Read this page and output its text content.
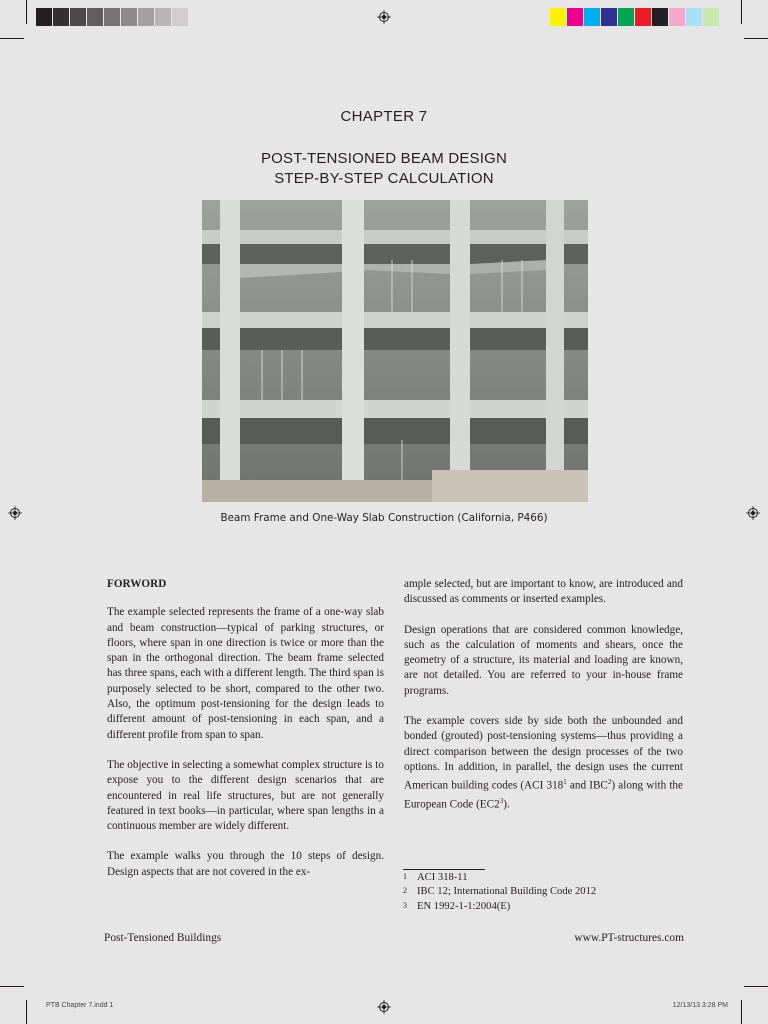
CHAPTER 7
POST-TENSIONED BEAM DESIGN
STEP-BY-STEP CALCULATION
Beam Frame and One-Way Slab Construction (California, P466)
FORWORD

The example selected represents the frame of a one-way slab and beam construction—typical of parking structures, or floors, where span in one direction is twice or more than the span in the orthogonal direction. The beam frame selected has three spans, each with a different length. The third span is purposely selected to be short, compared to the other two. Also, the optimum post-tensioning for the design leads to different amount of post-tensioning in each span, and a different profile from span to span.

The objective in selecting a somewhat complex structure is to expose you to the different design scenarios that are encountered in real life structures, but are not generally featured in text books—in particular, where span lengths in a continuous member are widely different.

The example walks you through the 10 steps of design. Design aspects that are not covered in the ex-

ample selected, but are important to know, are introduced and discussed as comments or inserted examples.

Design operations that are considered common knowledge, such as the calculation of moments and shears, once the geometry of a structure, its material and loading are known, are not detailed. You are referred to your in-house frame programs.

The example covers side by side both the unbounded and bonded (grouted) post-tensioning systems—thus providing a direct comparison between the design processes of the two options. In addition, in parallel, the design uses the current American building codes (ACI $318^1$ and IBC$^2$) along with the European Code $(EC2^3)$.

$^1$ ACI 318-11
$^2$ IBC 12; International Building Code 2012
$^3$ EN 1992-1-1:2004(E)
Post-Tensioned Buildings	www.PT-structures.com
PTB Chapter 7.indd 1	12/13/13 3:28 PM
